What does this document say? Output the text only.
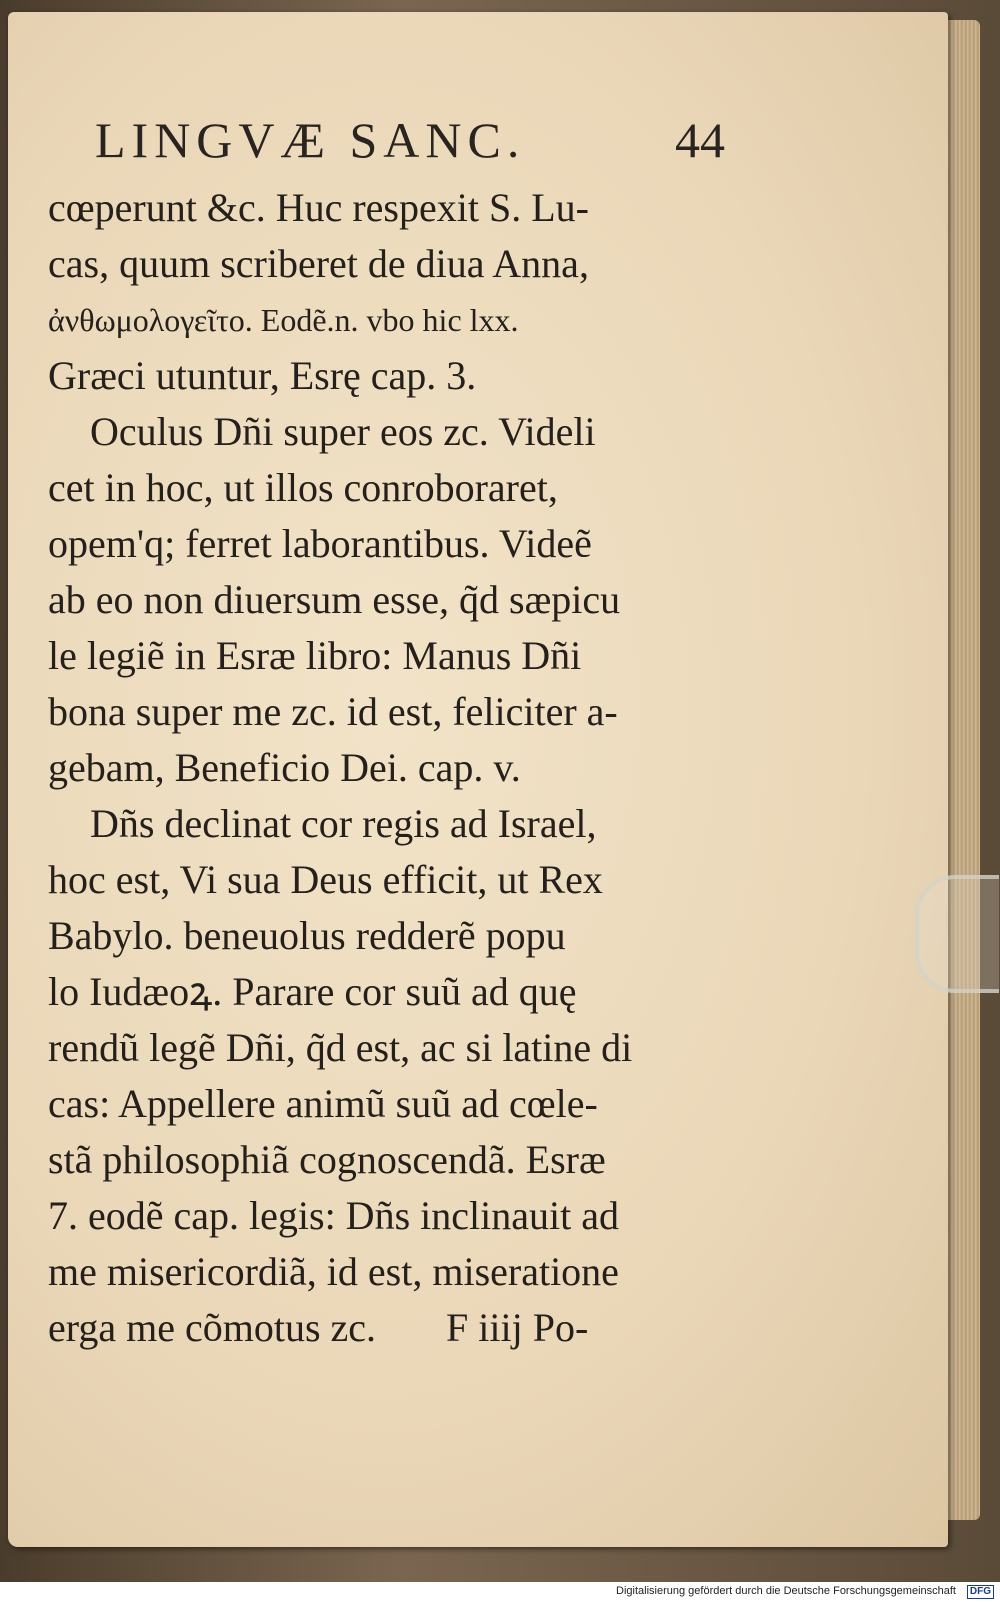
LINGVÆ SANC.	44
cœperunt &c. Huc respexit S. Lu-
cas, quum scriberet de diua Anna,
ἀνθωμολογεῖτο. Eodẽ.n. vbo hic lxx.
Græci utuntur, Esrę cap. 3.
Oculus Dñi super eos zc. Videli
cet in hoc, ut illos conroboraret,
opem'q; ferret laborantibus. Videẽ
ab eo non diuersum esse, q̃d sæpicu
le legiẽ in Esræ libro: Manus Dñi
bona super me zc. id est, feliciter a-
gebam, Beneficio Dei. cap. v.
Dñs declinat cor regis ad Israel,
hoc est, Vi sua Deus efficit, ut Rex
Babylo. beneuolus redderẽ popu
lo Iudæoꝝ. Parare cor suũ ad quę
rendũ legẽ Dñi, q̃d est, ac si latine di
cas: Appellere animũ suũ ad cœle-
stã philosophiã cognoscendã. Esræ
7. eodẽ cap. legis: Dñs inclinauit ad
me misericordiã, id est, miseratione
erga me cõmotus zc. F iiij Po-
Digitalisierung gefördert durch die Deutsche Forschungsgemeinschaft	DFG
